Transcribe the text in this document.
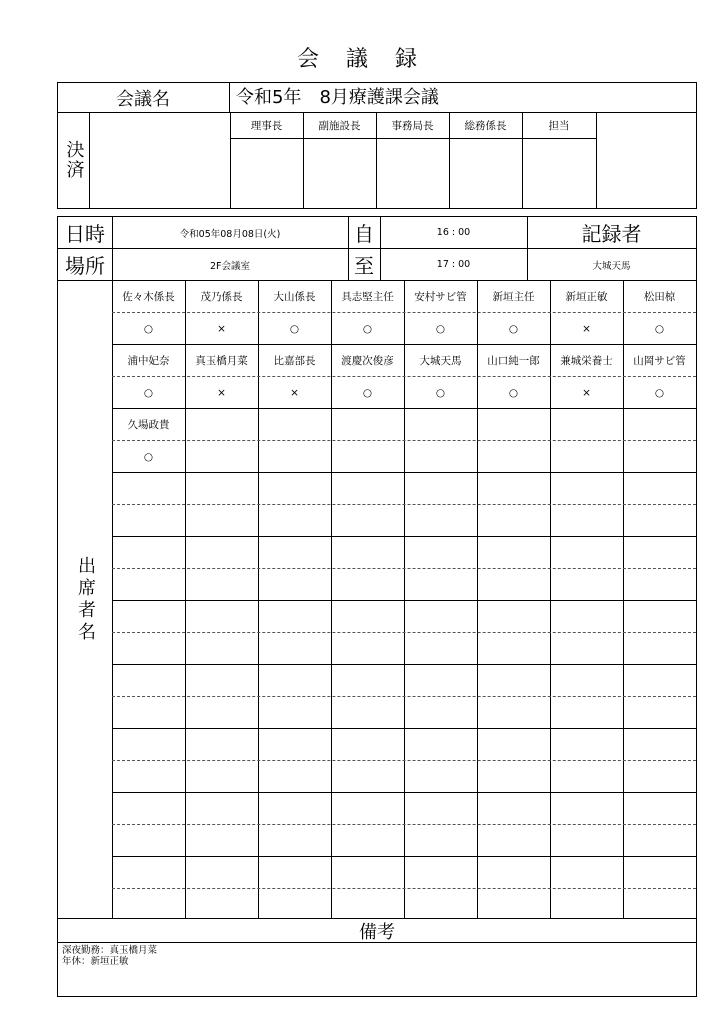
会 議 録
会議名	令和5年　8月療護課会議
決済
理事長	副施設長	事務局長	総務係長	担当
日時	令和05年08月08日(火)	自	16 : 00	記録者
場所	2F会議室	至	17 : 00	大城天馬
出席者名
佐々木係長	茂乃係長	大山係長	具志堅主任	安村サビ管	新垣主任	新垣正敏	松田椋
○	×	○	○	○	○	×	○
浦中妃奈	真玉橋月菜	比嘉部長	渡慶次俊彦	大城天馬	山口純一郎	兼城栄養士	山岡サビ管
○	×	×	○	○	○	×	○
久場政貴
○
備考
深夜勤務：真玉橋月菜
年休：新垣正敏
